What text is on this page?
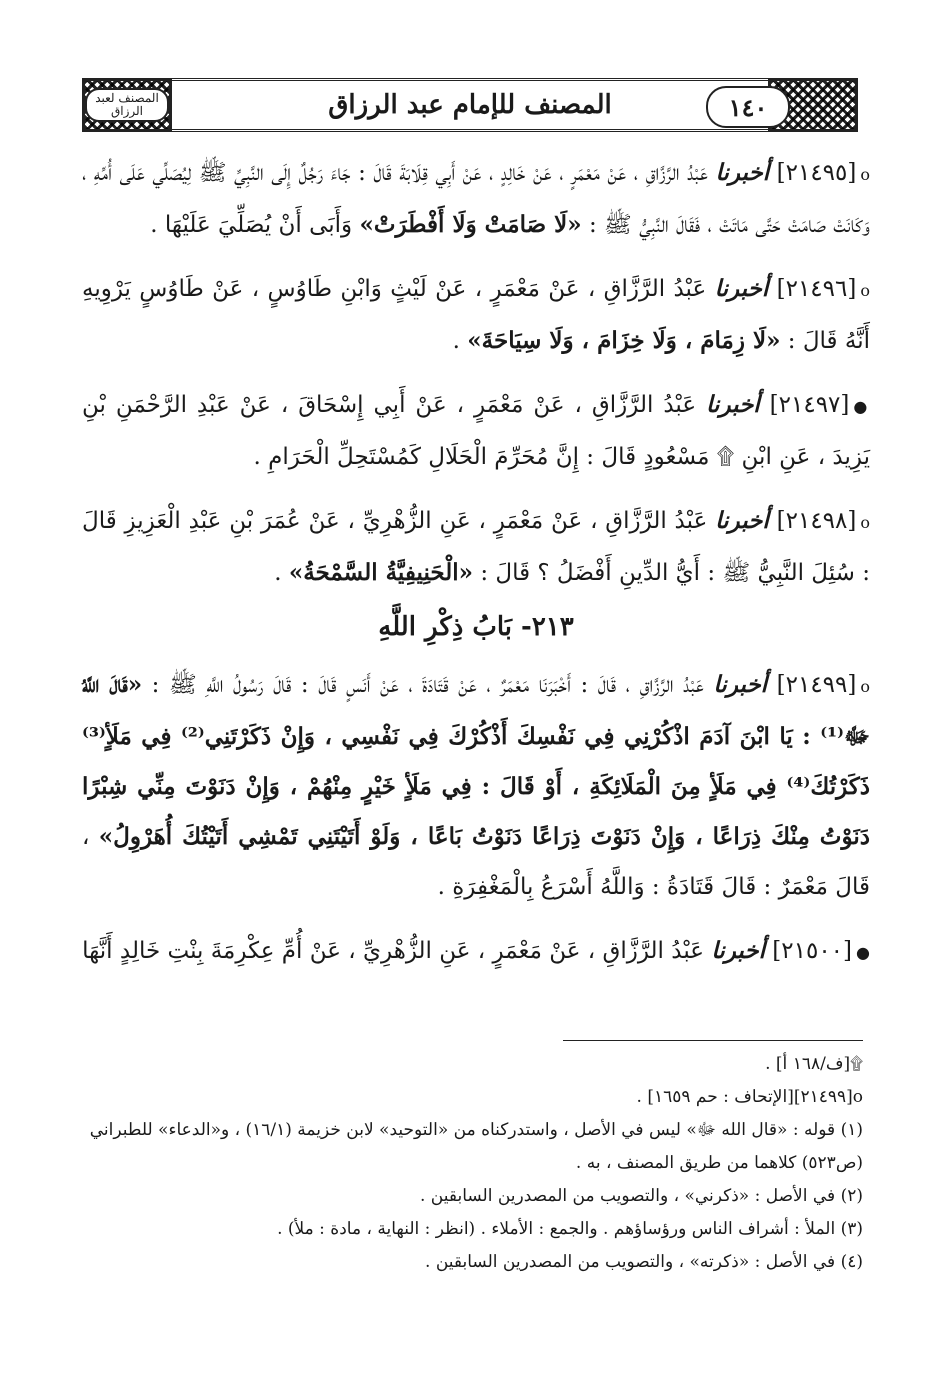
المصنف لعبد الرزاق	المصنف للإمام عبد الرزاق	١٤٠

o[٢١٤٩٥] أخبرنا عَبْدُ الرَّزَّاقِ ، عَنْ مَعْمَرٍ ، عَنْ خَالِدٍ ، عَنْ أَبِي قِلَابَةَ قَالَ : جَاءَ رَجُلٌ إِلَى النَّبِيِّ ﷺ لِيُصَلِّي عَلَى أُمِّهِ ، وَكَانَتْ صَامَتْ حَتَّى مَاتَتْ ، فَقَالَ النَّبِيُّ ﷺ : «لَا صَامَتْ وَلَا أَفْطَرَتْ» وَأَبَى أَنْ يُصَلِّيَ عَلَيْهَا .

o[٢١٤٩٦] أخبرنا عَبْدُ الرَّزَّاقِ ، عَنْ مَعْمَرٍ ، عَنْ لَيْثٍ وَابْنِ طَاوُسٍ ، عَنْ طَاوُسٍ يَرْوِيهِ أَنَّهُ قَالَ : «لَا زِمَامَ ، وَلَا خِزَامَ ، وَلَا سِيَاحَةَ» .

●[٢١٤٩٧] أخبرنا عَبْدُ الرَّزَّاقِ ، عَنْ مَعْمَرٍ ، عَنْ أَبِي إِسْحَاقَ ، عَنْ عَبْدِ الرَّحْمَنِ بْنِ يَزِيدَ ، عَنِ ابْنِ ۩ مَسْعُودٍ قَالَ : إِنَّ مُحَرِّمَ الْحَلَالِ كَمُسْتَحِلِّ الْحَرَامِ .

o[٢١٤٩٨] أخبرنا عَبْدُ الرَّزَّاقِ ، عَنْ مَعْمَرٍ ، عَنِ الزُّهْرِيِّ ، عَنْ عُمَرَ بْنِ عَبْدِ الْعَزِيزِ قَالَ : سُئِلَ النَّبِيُّ ﷺ : أَيُّ الدِّينِ أَفْضَلُ ؟ قَالَ : «الْحَنِيفِيَّةُ السَّمْحَةُ» .

٢١٣- بَابُ ذِكْرِ اللَّهِ

o[٢١٤٩٩] أخبرنا عَبْدُ الرَّزَّاقِ ، قَالَ : أَخْبَرَنَا مَعْمَرٌ ، عَنْ قَتَادَةَ ، عَنْ أَنَسٍ قَالَ : قَالَ رَسُولُ اللَّهِ ﷺ : «قَالَ اللَّهُ ﷻ⁽¹⁾ : يَا ابْنَ آدَمَ اذْكُرْنِي فِي نَفْسِكَ أَذْكُرْكَ فِي نَفْسِي ، وَإِنْ ذَكَرْتَنِي⁽²⁾ فِي مَلَأٍ⁽³⁾ ذَكَرْتُكَ⁽⁴⁾ فِي مَلَأٍ مِنَ الْمَلَائِكَةِ ، أَوْ قَالَ : فِي مَلَأٍ خَيْرٍ مِنْهُمْ ، وَإِنْ دَنَوْتَ مِنِّي شِبْرًا دَنَوْتُ مِنْكَ ذِرَاعًا ، وَإِنْ دَنَوْتَ ذِرَاعًا دَنَوْتُ بَاعًا ، وَلَوْ أَتَيْتَنِي تَمْشِي أَتَيْتُكَ أُهَرْوِلُ» ، قَالَ مَعْمَرٌ : قَالَ قَتَادَةُ : وَاللَّهُ أَسْرَعُ بِالْمَغْفِرَةِ .

●[٢١٥٠٠] أخبرنا عَبْدُ الرَّزَّاقِ ، عَنْ مَعْمَرٍ ، عَنِ الزُّهْرِيِّ ، عَنْ أُمِّ عِكْرِمَةَ بِنْتِ خَالِدٍ أَنَّهَا

۩[ف/١٦٨ أ] .

o[٢١٤٩٩][الإتحاف : حم ١٦٥٩] .

(١) قوله : «قال الله ﷻ» ليس في الأصل ، واستدركناه من «التوحيد» لابن خزيمة (١٦/١) ، و«الدعاء» للطبراني (ص٥٢٣) كلاهما من طريق المصنف ، به .

(٢) في الأصل : «ذكرني» ، والتصويب من المصدرين السابقين .

(٣) الملأ : أشراف الناس ورؤساؤهم . والجمع : الأملاء . (انظر : النهاية ، مادة : ملأ) .

(٤) في الأصل : «ذكرته» ، والتصويب من المصدرين السابقين .
